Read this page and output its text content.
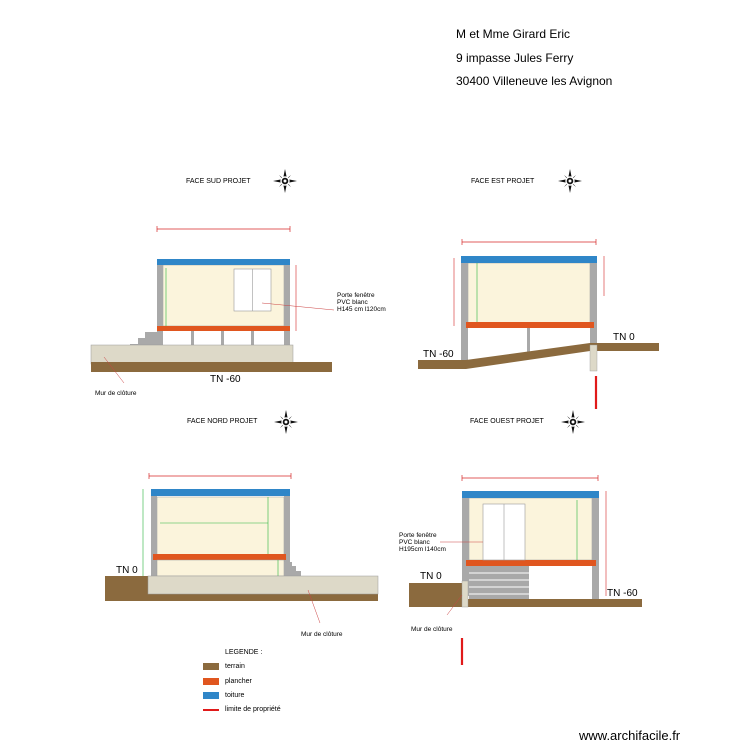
M et Mme Girard Eric
9 impasse Jules Ferry
30400 Villeneuve les Avignon
FACE SUD PROJET	FACE EST PROJET
FACE NORD PROJET	FACE OUEST PROJET
Porte fenêtre
PVC blanc
H145 cm l120cm
TN -60
Mur de clôture
TN -60
TN 0
TN 0
Mur de clôture
Porte fenêtre
PVC blanc
H195cm l140cm
TN 0
TN -60
Mur de clôture
LEGENDE :
terrain
plancher
toiture
limite de propriété
www.archifacile.fr
